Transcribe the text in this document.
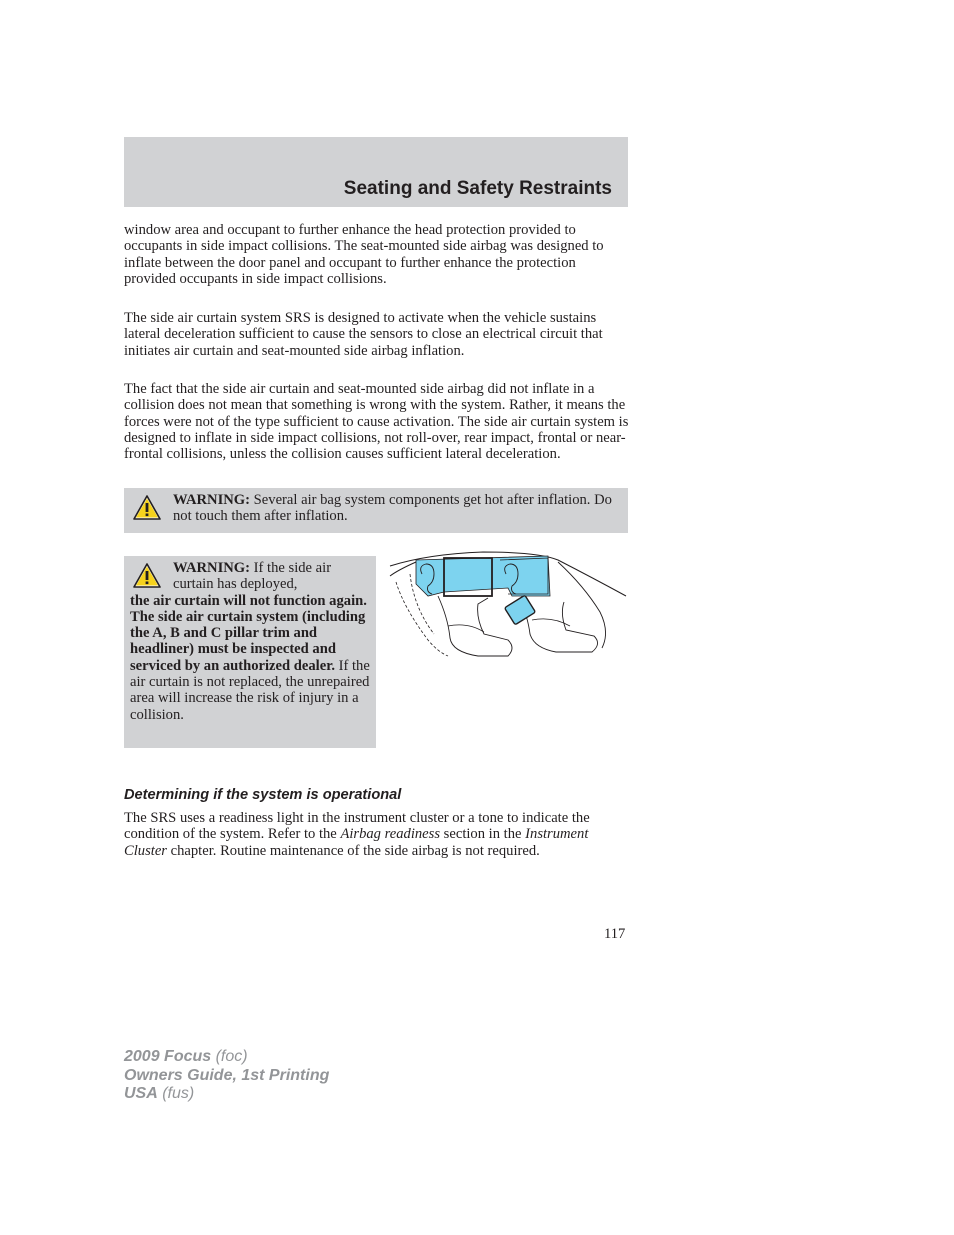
Seating and Safety Restraints

window area and occupant to further enhance the head protection provided to occupants in side impact collisions. The seat-mounted side airbag was designed to inflate between the door panel and occupant to further enhance the protection provided occupants in side impact collisions.

The side air curtain system SRS is designed to activate when the vehicle sustains lateral deceleration sufficient to cause the sensors to close an electrical circuit that initiates air curtain and seat-mounted side airbag inflation.

The fact that the side air curtain and seat-mounted side airbag did not inflate in a collision does not mean that something is wrong with the system. Rather, it means the forces were not of the type sufficient to cause activation. The side air curtain system is designed to inflate in side impact collisions, not roll-over, rear impact, frontal or near-frontal collisions, unless the collision causes sufficient lateral deceleration.

WARNING: Several air bag system components get hot after inflation. Do not touch them after inflation.
WARNING: If the side air curtain has deployed,
the air curtain will not function again. The side air curtain system (including the A, B and C pillar trim and headliner) must be inspected and serviced by an authorized dealer. If the air curtain is not replaced, the unrepaired area will increase the risk of injury in a collision.
Determining if the system is operational

The SRS uses a readiness light in the instrument cluster or a tone to indicate the condition of the system. Refer to the Airbag readiness section in the Instrument Cluster chapter. Routine maintenance of the side airbag is not required.

117
2009 Focus (foc)
Owners Guide, 1st Printing
USA (fus)
